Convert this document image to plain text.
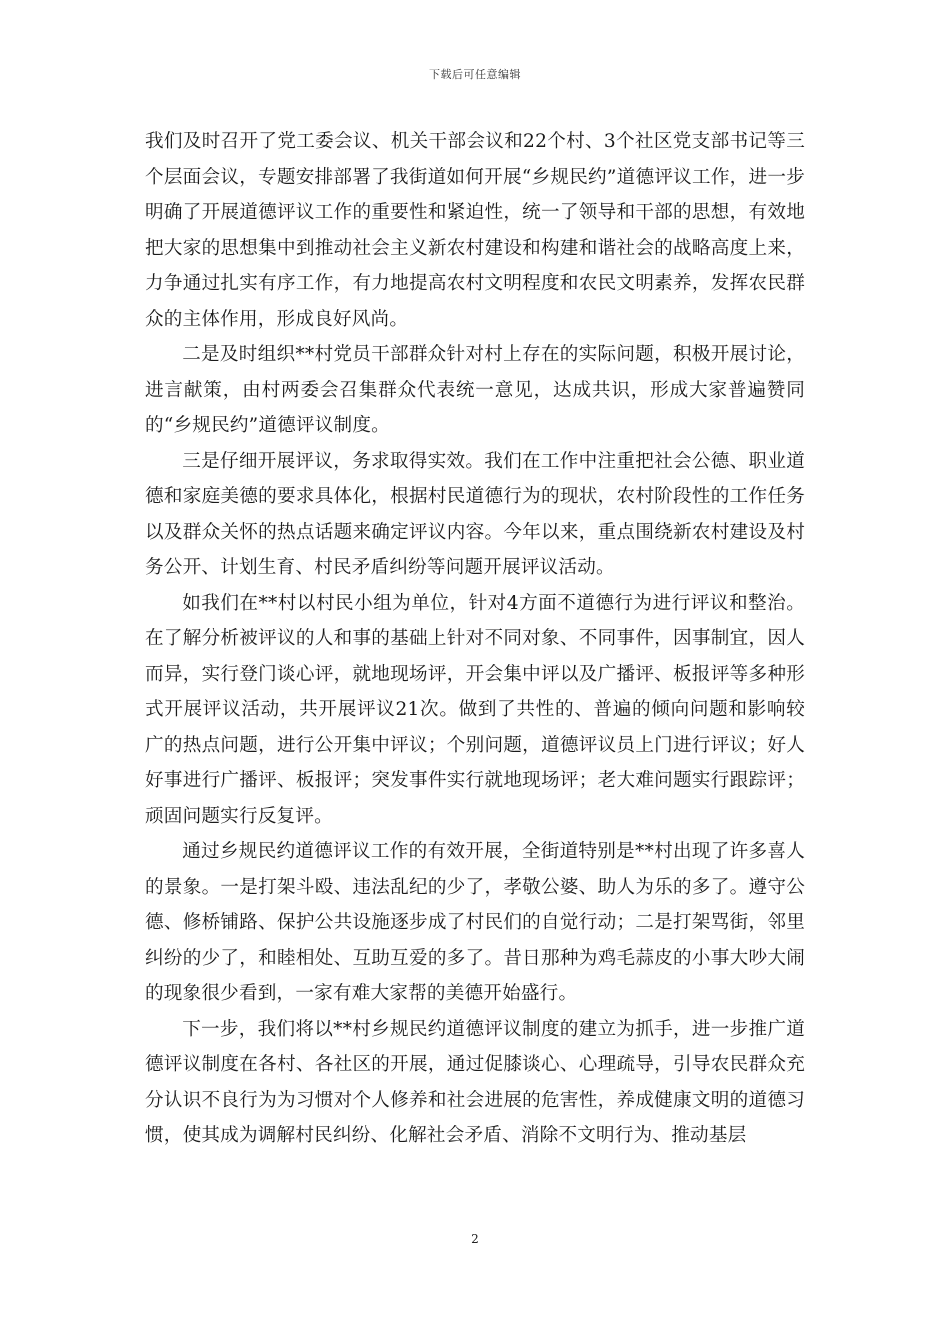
下载后可任意编辑

我们及时召开了党工委会议、机关干部会议和22个村、3个社区党支部书记等三个层面会议，专题安排部署了我街道如何开展“乡规民约”道德评议工作，进一步明确了开展道德评议工作的重要性和紧迫性，统一了领导和干部的思想，有效地把大家的思想集中到推动社会主义新农村建设和构建和谐社会的战略高度上来，力争通过扎实有序工作，有力地提高农村文明程度和农民文明素养，发挥农民群众的主体作用，形成良好风尚。

二是及时组织**村党员干部群众针对村上存在的实际问题，积极开展讨论，进言献策，由村两委会召集群众代表统一意见，达成共识，形成大家普遍赞同的“乡规民约”道德评议制度。

三是仔细开展评议，务求取得实效。我们在工作中注重把社会公德、职业道德和家庭美德的要求具体化，根据村民道德行为的现状，农村阶段性的工作任务以及群众关怀的热点话题来确定评议内容。今年以来，重点围绕新农村建设及村务公开、计划生育、村民矛盾纠纷等问题开展评议活动。

如我们在**村以村民小组为单位，针对4方面不道德行为进行评议和整治。在了解分析被评议的人和事的基础上针对不同对象、不同事件，因事制宜，因人而异，实行登门谈心评，就地现场评，开会集中评以及广播评、板报评等多种形式开展评议活动，共开展评议21次。做到了共性的、普遍的倾向问题和影响较广的热点问题，进行公开集中评议；个别问题，道德评议员上门进行评议；好人好事进行广播评、板报评；突发事件实行就地现场评；老大难问题实行跟踪评；顽固问题实行反复评。

通过乡规民约道德评议工作的有效开展，全街道特别是**村出现了许多喜人的景象。一是打架斗殴、违法乱纪的少了，孝敬公婆、助人为乐的多了。遵守公德、修桥铺路、保护公共设施逐步成了村民们的自觉行动；二是打架骂街，邻里纠纷的少了，和睦相处、互助互爱的多了。昔日那种为鸡毛蒜皮的小事大吵大闹的现象很少看到，一家有难大家帮的美德开始盛行。

下一步，我们将以**村乡规民约道德评议制度的建立为抓手，进一步推广道德评议制度在各村、各社区的开展，通过促膝谈心、心理疏导，引导农民群众充分认识不良行为为习惯对个人修养和社会进展的危害性，养成健康文明的道德习惯，使其成为调解村民纠纷、化解社会矛盾、消除不文明行为、推动基层

2
